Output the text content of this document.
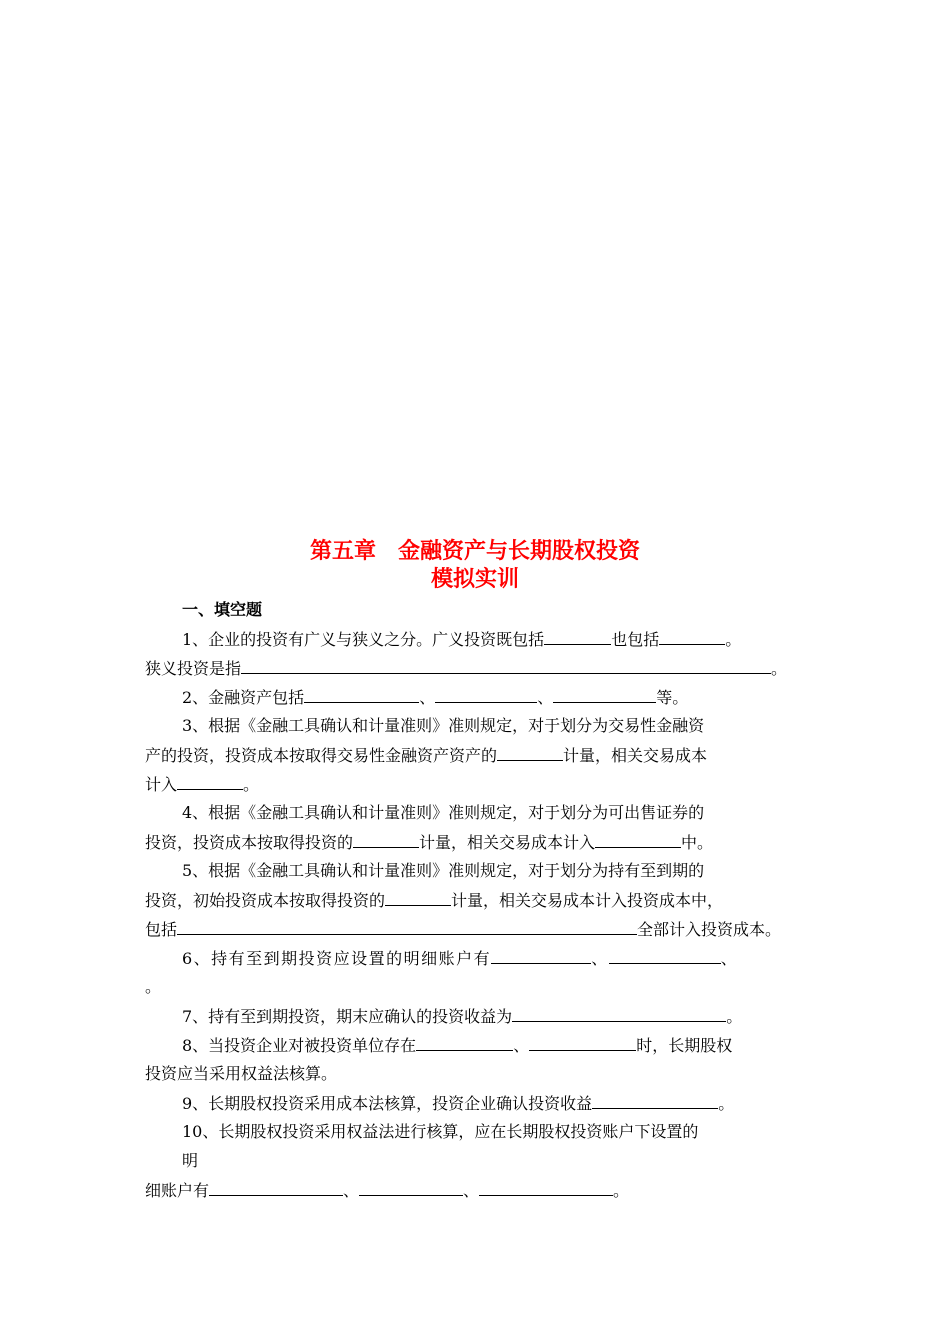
第五章　金融资产与长期股权投资
模拟实训
一、填空题
1、企业的投资有广义与狭义之分。广义投资既包括	也包括	。
狭义投资是指	。
2、金融资产包括	、	、	等。
3、根据《金融工具确认和计量准则》准则规定，对于划分为交易性金融资
产的投资，投资成本按取得交易性金融资产资产的	计量，相关交易成本
计入	。
4、根据《金融工具确认和计量准则》准则规定，对于划分为可出售证券的
投资，投资成本按取得投资的	计量，相关交易成本计入	中。
5、根据《金融工具确认和计量准则》准则规定，对于划分为持有至到期的
投资，初始投资成本按取得投资的	计量，相关交易成本计入投资成本中，
包括	全部计入投资成本。
6、持有至到期投资应设置的明细账户有	、	、
。
7、持有至到期投资，期末应确认的投资收益为	。
8、当投资企业对被投资单位存在	、	时，长期股权
投资应当采用权益法核算。
9、长期股权投资采用成本法核算，投资企业确认投资收益	。
10、长期股权投资采用权益法进行核算，应在长期股权投资账户下设置的
明
细账户有	、	、	。
